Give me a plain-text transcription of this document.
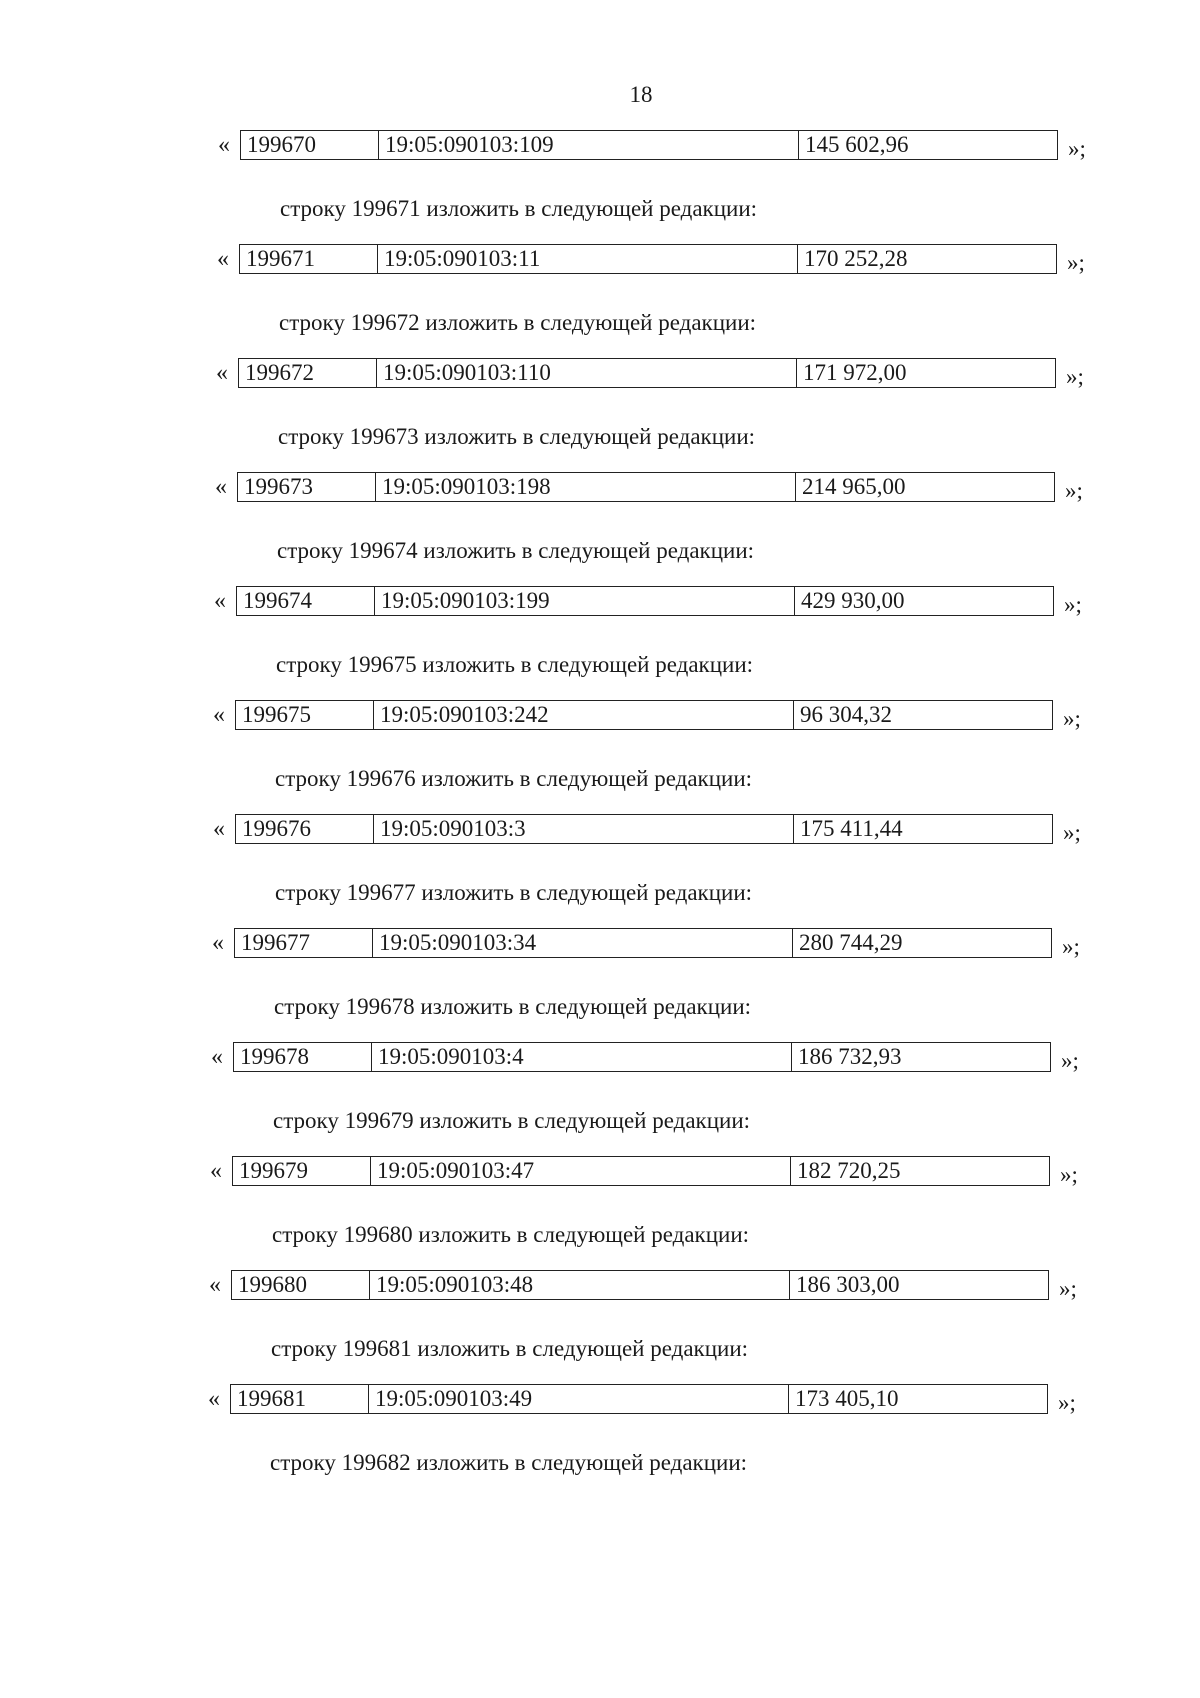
18
« 199670	19:05:090103:109	145 602,96	»;
строку 199671 изложить в следующей редакции:
« 199671	19:05:090103:11	170 252,28	»;
строку 199672 изложить в следующей редакции:
« 199672	19:05:090103:110	171 972,00	»;
строку 199673 изложить в следующей редакции:
« 199673	19:05:090103:198	214 965,00	»;
строку 199674 изложить в следующей редакции:
« 199674	19:05:090103:199	429 930,00	»;
строку 199675 изложить в следующей редакции:
« 199675	19:05:090103:242	96 304,32	»;
строку 199676 изложить в следующей редакции:
« 199676	19:05:090103:3	175 411,44	»;
строку 199677 изложить в следующей редакции:
« 199677	19:05:090103:34	280 744,29	»;
строку 199678 изложить в следующей редакции:
« 199678	19:05:090103:4	186 732,93	»;
строку 199679 изложить в следующей редакции:
« 199679	19:05:090103:47	182 720,25	»;
строку 199680 изложить в следующей редакции:
« 199680	19:05:090103:48	186 303,00	»;
строку 199681 изложить в следующей редакции:
« 199681	19:05:090103:49	173 405,10	»;
строку 199682 изложить в следующей редакции:
